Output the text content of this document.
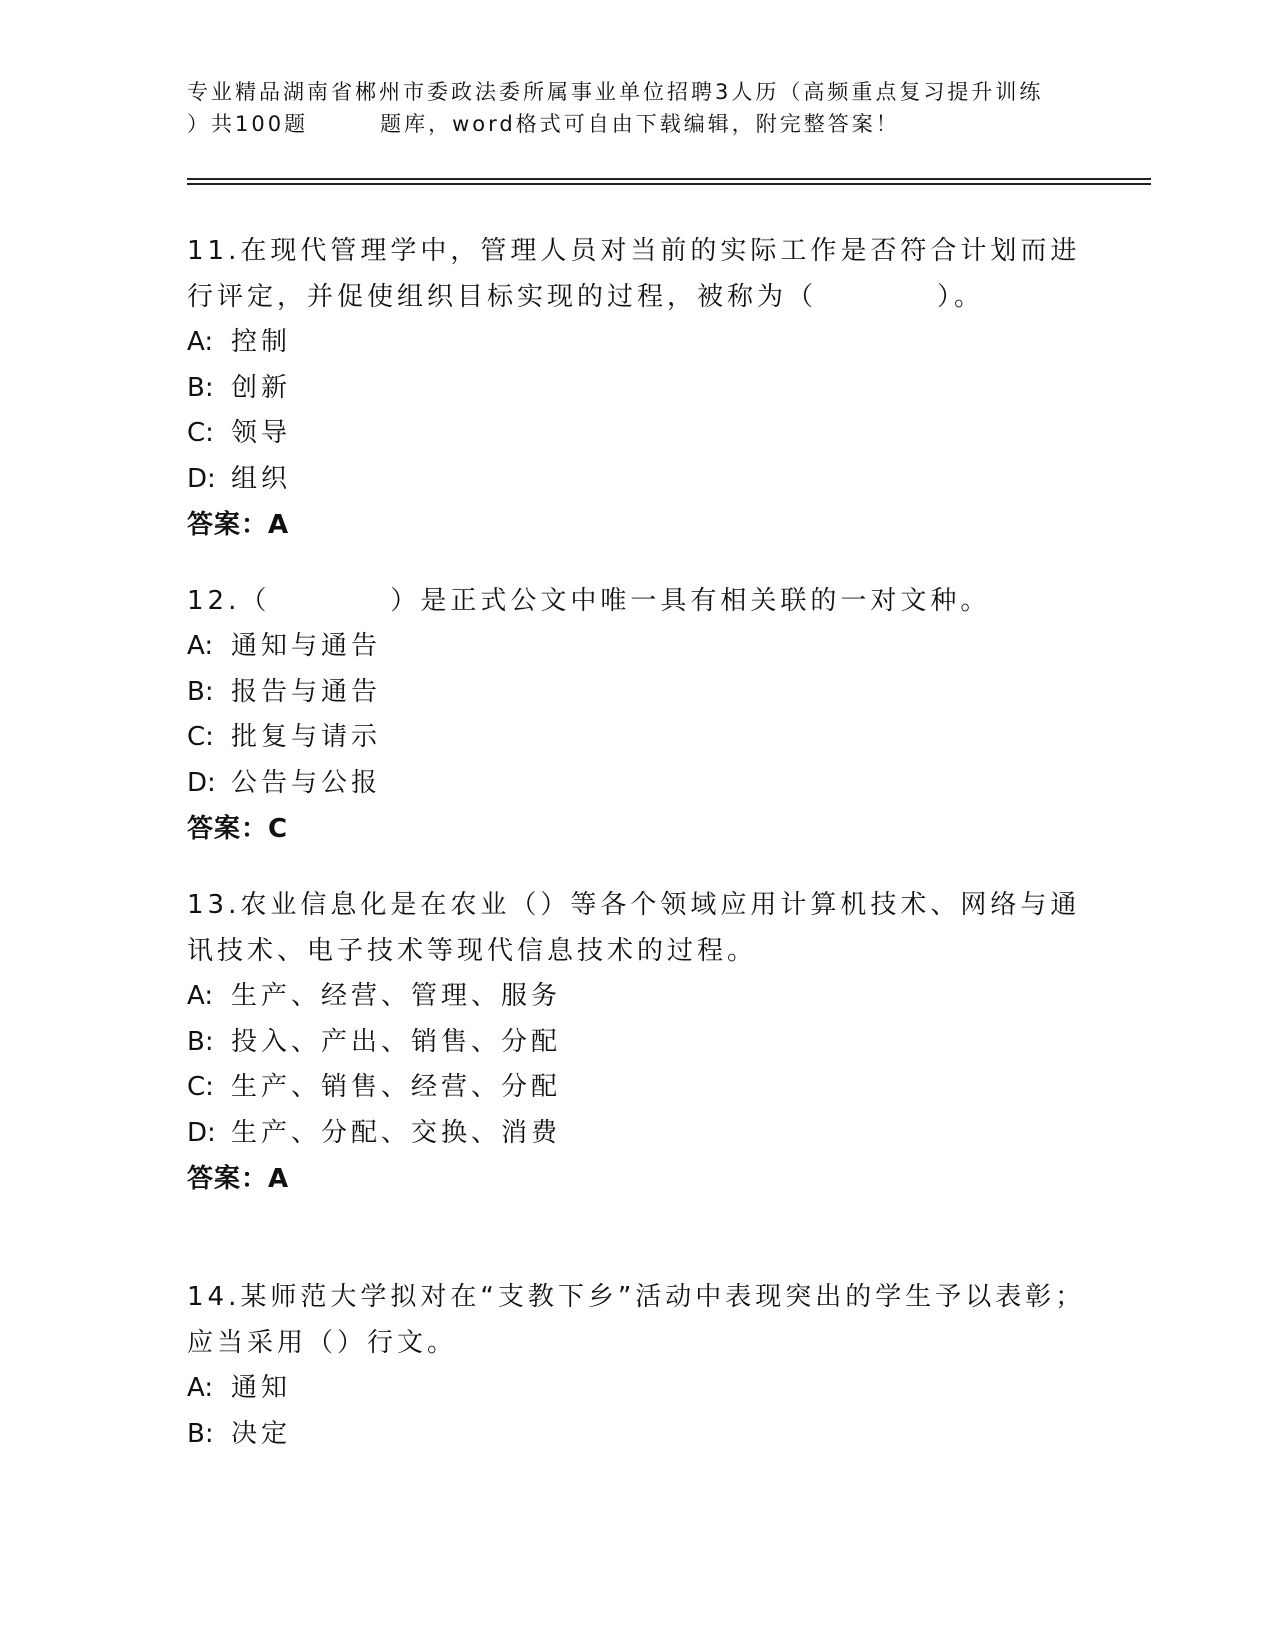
专业精品湖南省郴州市委政法委所属事业单位招聘3人历（高频重点复习提升训练
）共100题	题库，word格式可自由下载编辑，附完整答案！
11.在现代管理学中，管理人员对当前的实际工作是否符合计划而进行评定，并促使组织目标实现的过程，被称为（	）。
A: 控制
B: 创新
C: 领导
D: 组织
答案：A
12.（	）是正式公文中唯一具有相关联的一对文种。
A: 通知与通告
B: 报告与通告
C: 批复与请示
D: 公告与公报
答案：C
13.农业信息化是在农业（）等各个领域应用计算机技术、网络与通讯技术、电子技术等现代信息技术的过程。
A: 生产、经营、管理、服务
B: 投入、产出、销售、分配
C: 生产、销售、经营、分配
D: 生产、分配、交换、消费
答案：A
14.某师范大学拟对在“支教下乡”活动中表现突出的学生予以表彰；应当采用（）行文。
A: 通知
B: 决定
